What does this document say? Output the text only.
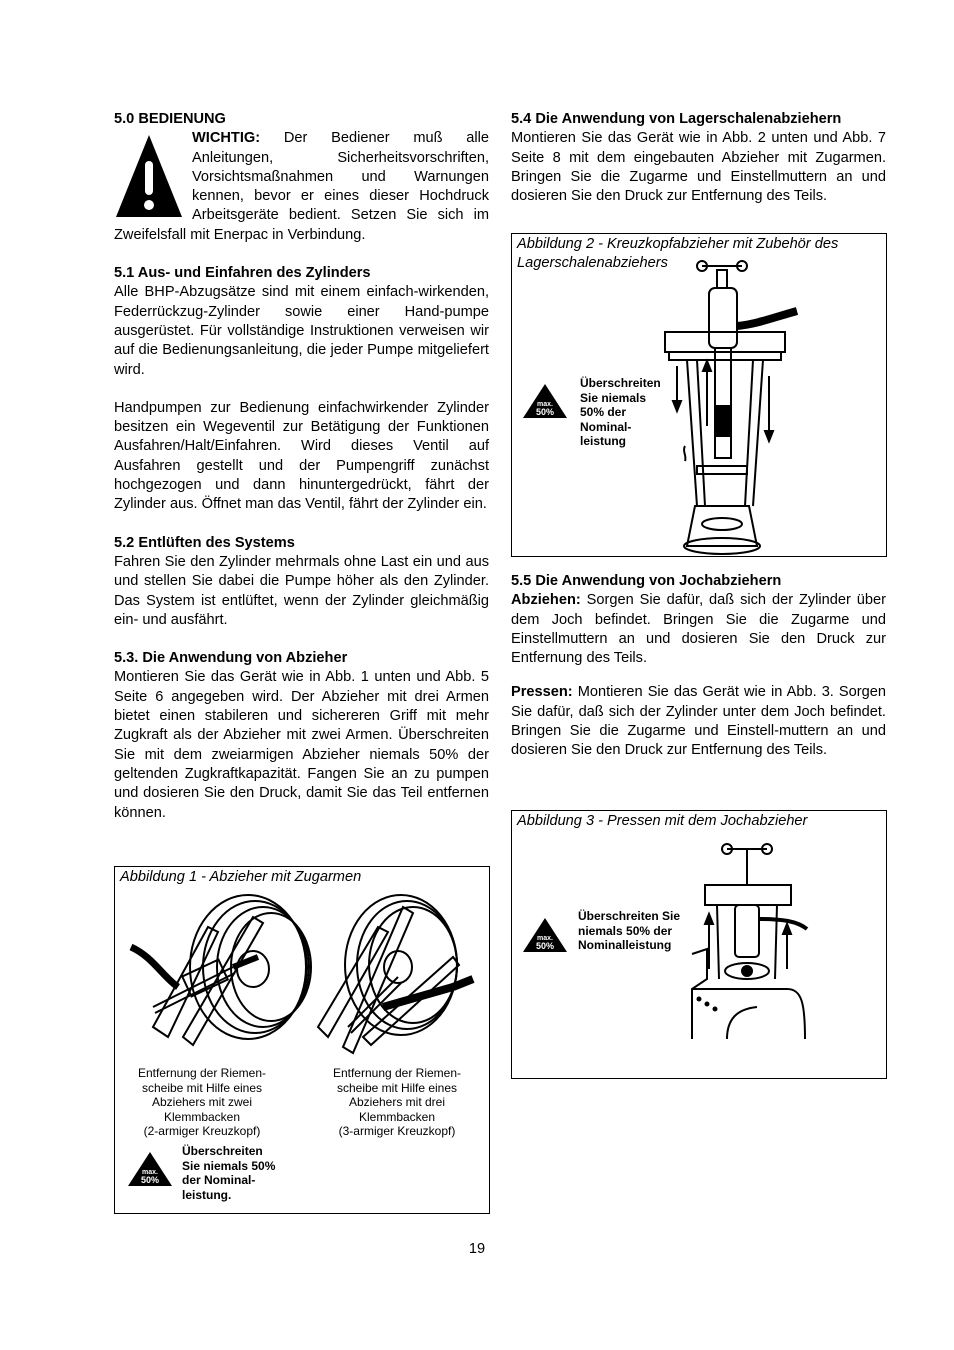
5.0 BEDIENUNG

WICHTIG: Der Bediener muß alle Anleitungen, Sicherheitsvorschriften, Vorsichtsmaßnahmen und Warnungen kennen, bevor er eines dieser Hochdruck Arbeitsgeräte bedient. Setzen Sie sich im Zweifelsfall mit Enerpac in Verbindung.

5.1 Aus- und Einfahren des Zylinders

Alle BHP-Abzugsätze sind mit einem einfach-wirkenden, Federrückzug-Zylinder sowie einer Hand-pumpe ausgerüstet. Für vollständige Instruktionen verweisen wir auf die Bedienungsanleitung, die jeder Pumpe mitgeliefert wird.

Handpumpen zur Bedienung einfachwirkender Zylinder besitzen ein Wegeventil zur Betätigung der Funktionen Ausfahren/Halt/Einfahren. Wird dieses Ventil auf Ausfahren gestellt und der Pumpengriff zunächst hochgezogen und dann hinuntergedrückt, fährt der Zylinder aus. Öffnet man das Ventil, fährt der Zylinder ein.

5.2 Entlüften des Systems

Fahren Sie den Zylinder mehrmals ohne Last ein und aus und stellen Sie dabei die Pumpe höher als den Zylinder. Das System ist entlüftet, wenn der Zylinder gleichmäßig ein- und ausfährt.

5.3. Die Anwendung von Abzieher

Montieren Sie das Gerät wie in Abb. 1 unten und Abb. 5 Seite 6 angegeben wird. Der Abzieher mit drei Armen bietet einen stabileren und sichereren Griff mit mehr Zugkraft als der Abzieher mit zwei Armen. Überschreiten Sie mit dem zweiarmigen Abzieher niemals 50% der geltenden Zugkraftkapazität. Fangen Sie an zu pumpen und dosieren Sie den Druck, damit Sie das Teil entfernen können.

5.4 Die Anwendung von Lagerschalenabziehern

Montieren Sie das Gerät wie in Abb. 2 unten und Abb. 7 Seite 8 mit dem eingebauten Abzieher mit Zugarmen. Bringen Sie die Zugarme und Einstellmuttern an und dosieren Sie den Druck zur Entfernung des Teils.

5.5 Die Anwendung von Jochabziehern

Abziehen: Sorgen Sie dafür, daß sich der Zylinder über dem Joch befindet. Bringen Sie die Zugarme und Einstellmuttern an und dosieren Sie den Druck zur Entfernung des Teils.

Pressen: Montieren Sie das Gerät wie in Abb. 3. Sorgen Sie dafür, daß sich der Zylinder unter dem Joch befindet. Bringen Sie die Zugarme und Einstell-muttern an und dosieren Sie den Druck zur Entfernung des Teils.

Abbildung 1 - Abzieher mit Zugarmen
Entfernung der Riemen-
scheibe mit Hilfe eines
Abziehers mit zwei
Klemmbacken
(2-armiger Kreuzkopf)
Entfernung der Riemen-
scheibe mit Hilfe eines
Abziehers mit drei
Klemmbacken
(3-armiger Kreuzkopf)
max.
50%
Überschreiten
Sie niemals 50%
der Nominal-
leistung.
Abbildung 2 - Kreuzkopfabzieher mit Zubehör des
Lagerschalenabziehers
max.
50%
Überschreiten
Sie niemals
50% der
Nominal-
leistung
Abbildung 3 - Pressen mit dem Jochabzieher
max.
50%
Überschreiten Sie
niemals 50% der
Nominalleistung
19
